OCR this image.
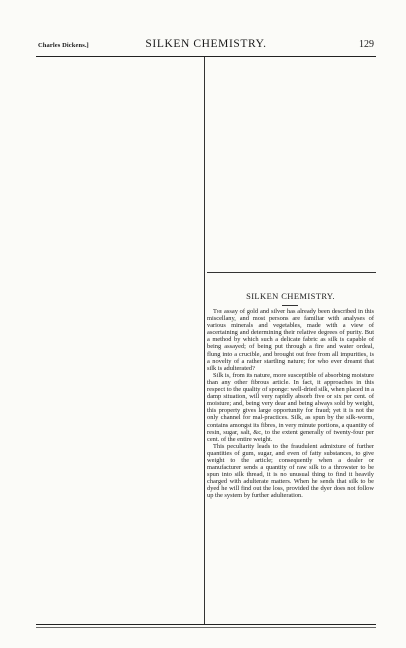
Charles Dickens.]	SILKEN CHEMISTRY.	129
SILKEN CHEMISTRY.

The assay of gold and silver has already been described in this miscellany, and most persons are familiar with analyses of various minerals and vegetables, made with a view of ascertaining and determining their relative degrees of purity. But a method by which such a delicate fabric as silk is capable of being assayed; of being put through a fire and water ordeal, flung into a crucible, and brought out free from all impurities, is a novelty of a rather startling nature; for who ever dreamt that silk is adulterated?

Silk is, from its nature, more susceptible of absorbing moisture than any other fibrous article. In fact, it approaches in this respect to the quality of sponge: well-dried silk, when placed in a damp situation, will very rapidly absorb five or six per cent. of moisture; and, being very dear and being always sold by weight, this property gives large opportunity for fraud; yet it is not the only channel for mal-practices. Silk, as spun by the silk-worm, contains amongst its fibres, in very minute portions, a quantity of resin, sugar, salt, &c, to the extent generally of twenty-four per cent. of the entire weight.

This peculiarity leads to the fraudulent admixture of further quantities of gum, sugar, and even of fatty substances, to give weight to the article; consequently when a dealer or manufacturer sends a quantity of raw silk to a throwster to be spun into silk thread, it is no unusual thing to find it heavily charged with adulterate matters. When he sends that silk to be dyed he will find out the loss, provided the dyer does not follow up the system by further adulteration.
